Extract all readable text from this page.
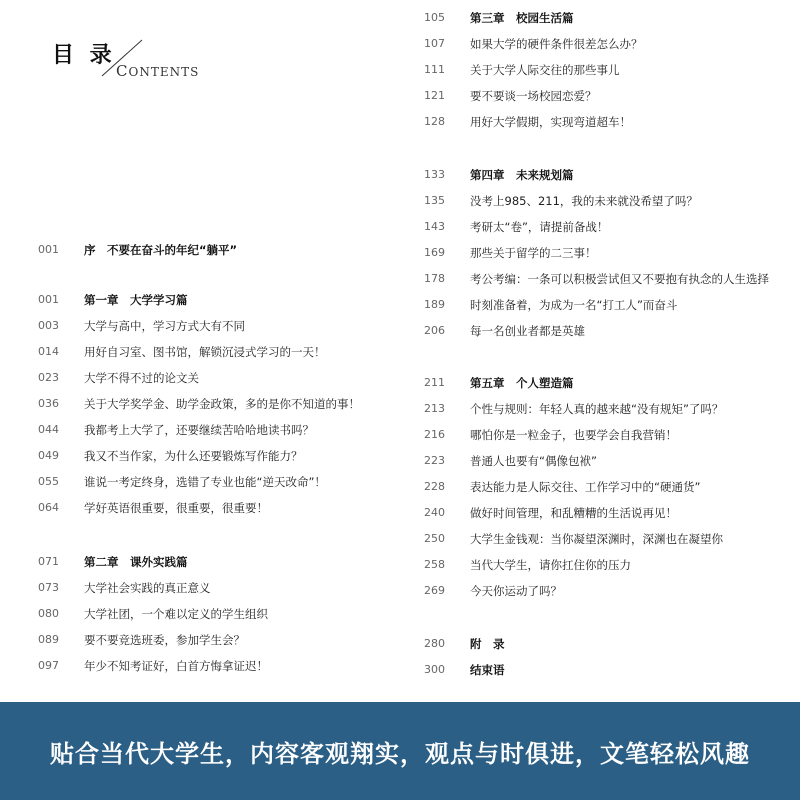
目 录
CONTENTS
001	序　不要在奋斗的年纪“躺平”
001	第一章　大学学习篇
003	大学与高中，学习方式大有不同
014	用好自习室、图书馆，解锁沉浸式学习的一天！
023	大学不得不过的论文关
036	关于大学奖学金、助学金政策，多的是你不知道的事！
044	我都考上大学了，还要继续苦哈哈地读书吗？
049	我又不当作家，为什么还要锻炼写作能力？
055	谁说一考定终身，选错了专业也能“逆天改命”！
064	学好英语很重要，很重要，很重要！
071	第二章　课外实践篇
073	大学社会实践的真正意义
080	大学社团，一个难以定义的学生组织
089	要不要竞选班委，参加学生会？
097	年少不知考证好，白首方悔拿证迟！
105	第三章　校园生活篇
107	如果大学的硬件条件很差怎么办？
111	关于大学人际交往的那些事儿
121	要不要谈一场校园恋爱？
128	用好大学假期，实现弯道超车！
133	第四章　未来规划篇
135	没考上985、211，我的未来就没希望了吗？
143	考研太“卷”，请提前备战！
169	那些关于留学的二三事！
178	考公考编：一条可以积极尝试但又不要抱有执念的人生选择
189	时刻准备着，为成为一名“打工人”而奋斗
206	每一名创业者都是英雄
211	第五章　个人塑造篇
213	个性与规则：年轻人真的越来越“没有规矩”了吗？
216	哪怕你是一粒金子，也要学会自我营销！
223	普通人也要有“偶像包袱”
228	表达能力是人际交往、工作学习中的“硬通货”
240	做好时间管理，和乱糟糟的生活说再见！
250	大学生金钱观：当你凝望深渊时，深渊也在凝望你
258	当代大学生，请你扛住你的压力
269	今天你运动了吗？
280	附　录
300	结束语
贴合当代大学生，内容客观翔实，观点与时俱进，文笔轻松风趣
